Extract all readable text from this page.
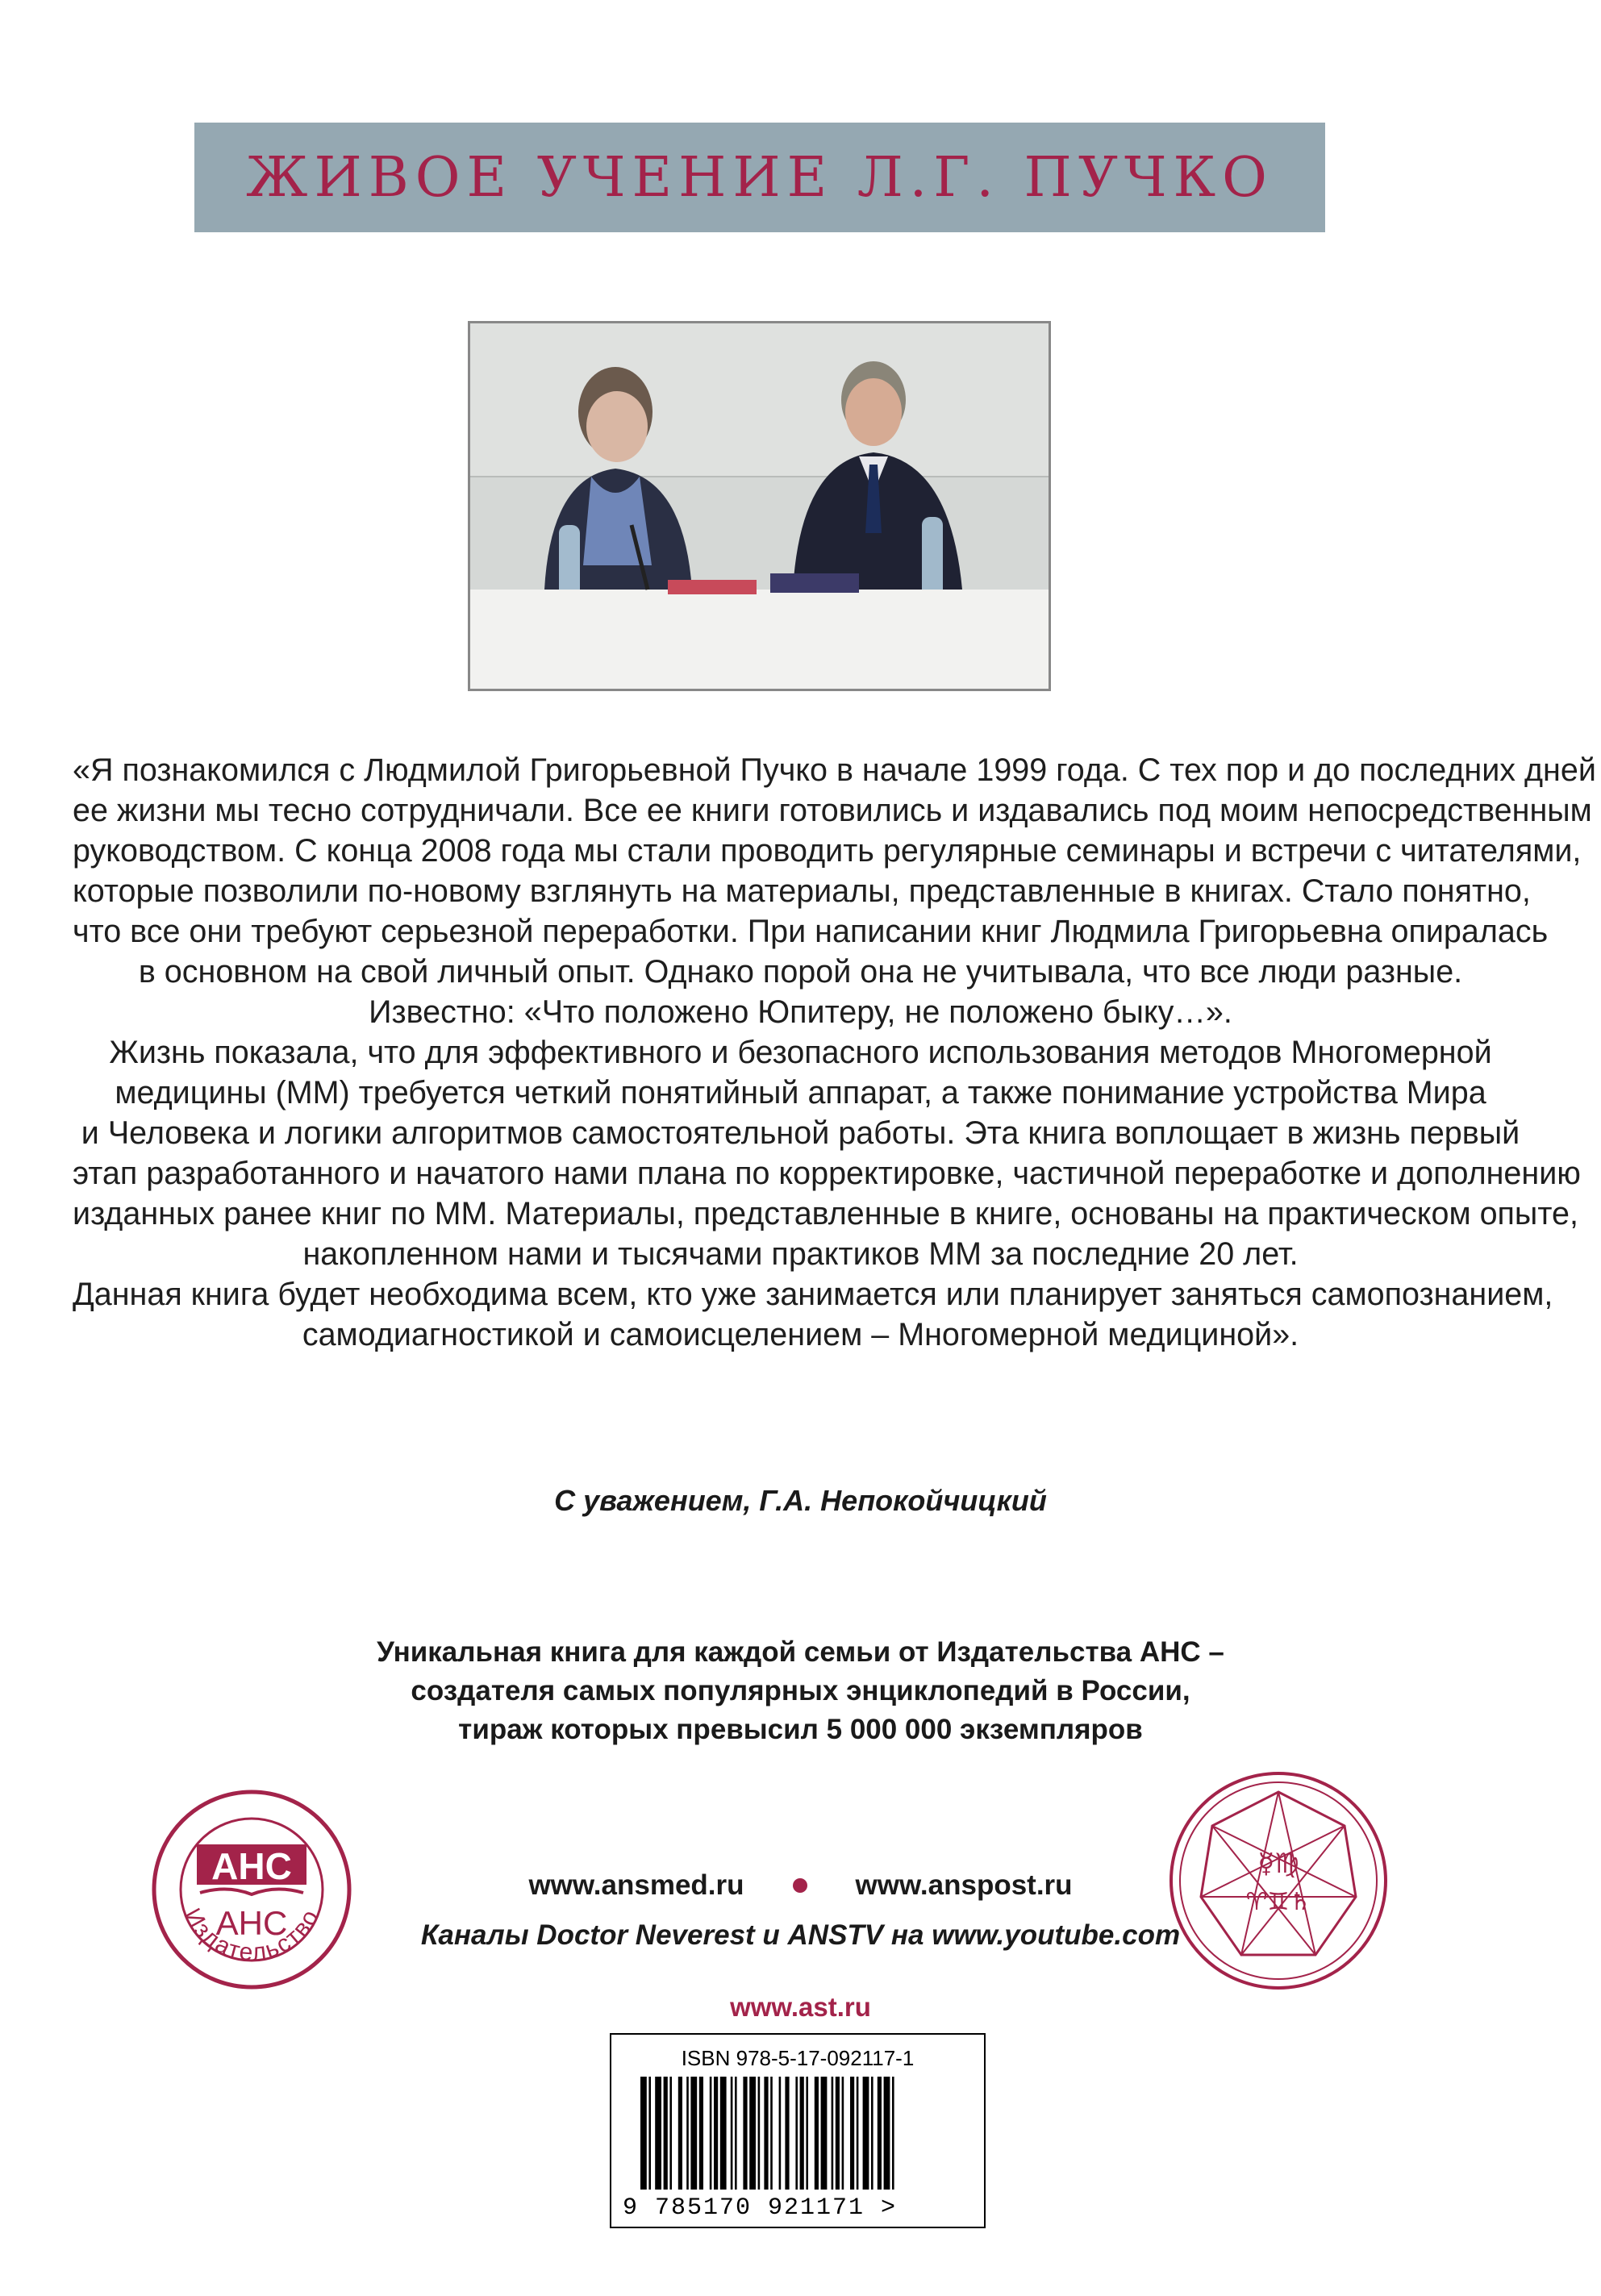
ЖИВОЕ УЧЕНИЕ Л.Г. ПУЧКО

«Я познакомился с Людмилой Григорьевной Пучко в начале 1999 года. С тех пор и до последних дней

ее жизни мы тесно сотрудничали. Все ее книги готовились и издавались под моим непосредственным

руководством. С конца 2008 года мы стали проводить регулярные семинары и встречи с читателями,

которые позволили по-новому взглянуть на материалы, представленные в книгах. Стало понятно,

что все они требуют серьезной переработки. При написании книг Людмила Григорьевна опиралась

в основном на свой личный опыт. Однако порой она не учитывала, что все люди разные.

Известно: «Что положено Юпитеру, не положено быку…».

Жизнь показала, что для эффективного и безопасного использования методов Многомерной

медицины (ММ) требуется четкий понятийный аппарат, а также понимание устройства Мира

и Человека и логики алгоритмов самостоятельной работы. Эта книга воплощает в жизнь первый

этап разработанного и начатого нами плана по корректировке, частичной переработке и дополнению

изданных ранее книг по ММ. Материалы, представленные в книге, основаны на практическом опыте,

накопленном нами и тысячами практиков ММ за последние 20 лет.

Данная книга будет необходима всем, кто уже занимается или планирует заняться самопознанием,

самодиагностикой и самоисцелением – Многомерной медициной».

С уважением, Г.А. Непокойчицкий

Уникальная книга для каждой семьи от Издательства АНС –

создателя самых популярных энциклопедий в России,

тираж которых превысил 5 000 000 экземпляров

Издательство
АНС
АНС
☿♍
♈♊♄
www.ansmed.ru	www.anspost.ru
Каналы Doctor Neverest и ANSTV на www.youtube.com
www.ast.ru
ISBN 978-5-17-092117-1
9 785170 921171 >
